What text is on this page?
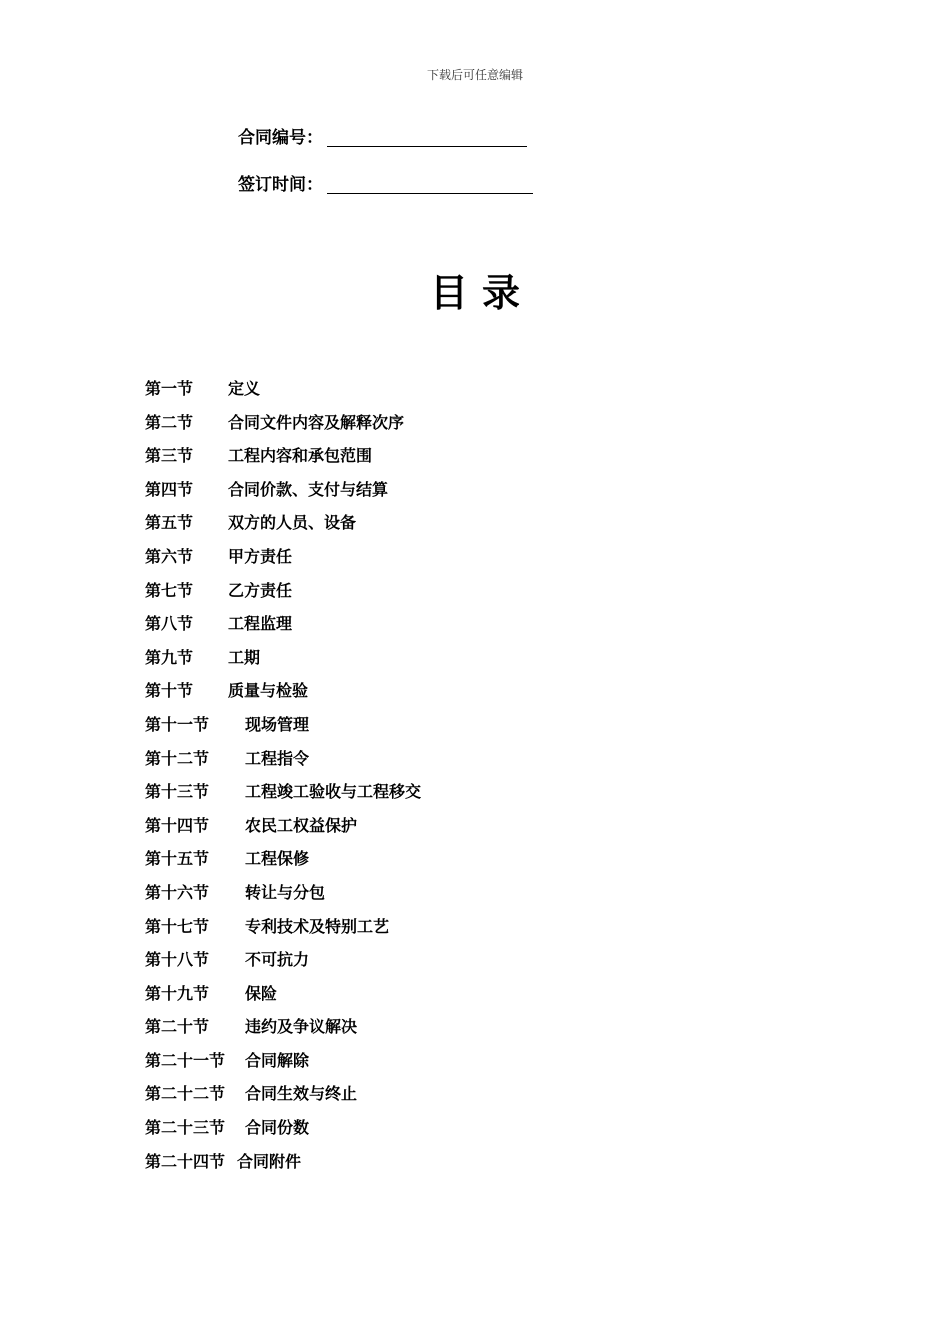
下载后可任意编辑
合同编号：
签订时间：
目录
第一节 定义
第二节 合同文件内容及解释次序
第三节 工程内容和承包范围
第四节 合同价款、支付与结算
第五节 双方的人员、设备
第六节 甲方责任
第七节 乙方责任
第八节 工程监理
第九节 工期
第十节 质量与检验
第十一节 现场管理
第十二节 工程指令
第十三节 工程竣工验收与工程移交
第十四节 农民工权益保护
第十五节 工程保修
第十六节 转让与分包
第十七节 专利技术及特别工艺
第十八节 不可抗力
第十九节 保险
第二十节 违约及争议解决
第二十一节 合同解除
第二十二节 合同生效与终止
第二十三节 合同份数
第二十四节 合同附件
